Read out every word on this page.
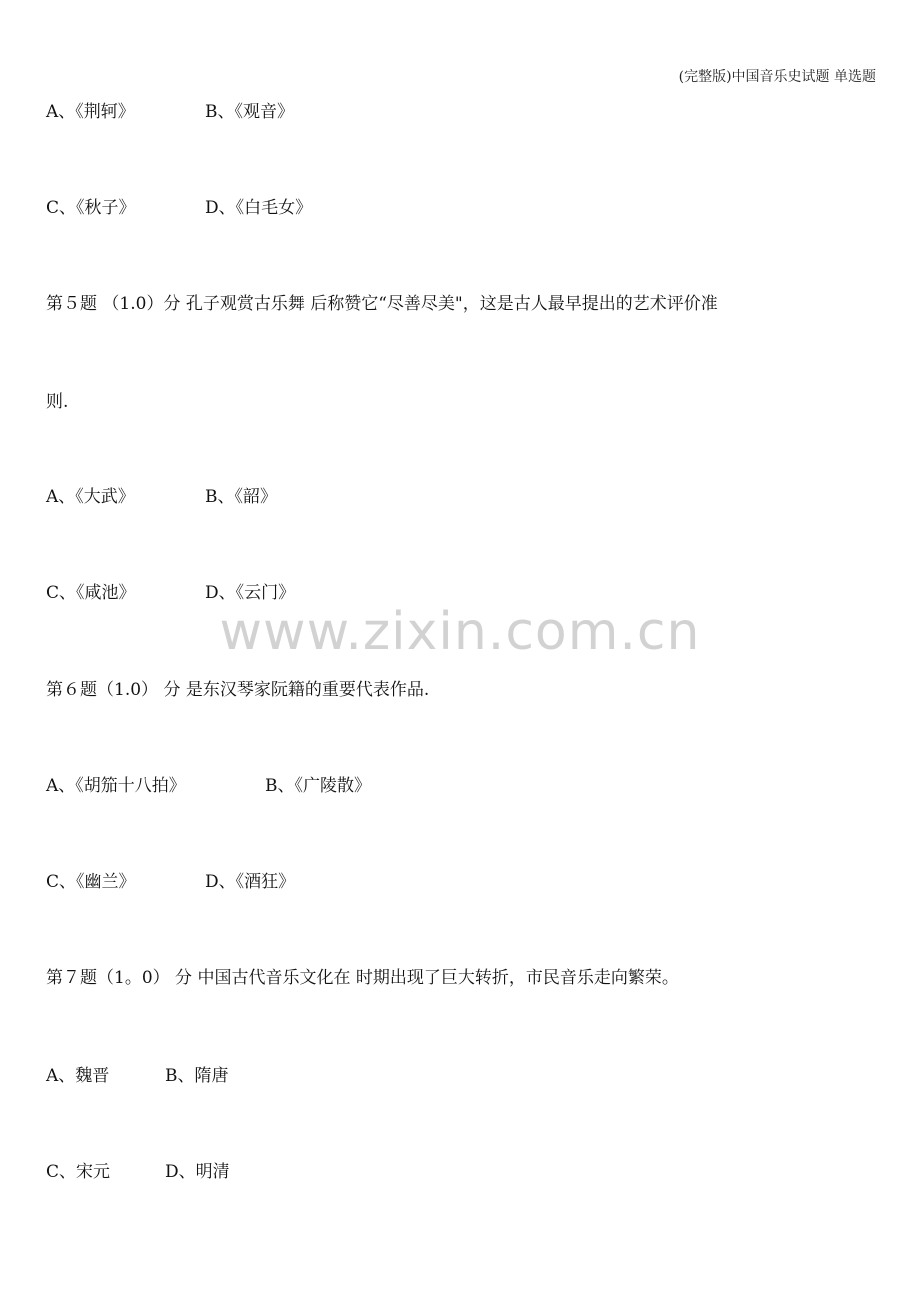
(完整版)中国音乐史试题 单选题
A、《荆轲》	B、《观音》
C、《秋子》	D、《白毛女》
第５题 （1.0）分 孔子观赏古乐舞 后称赞它“尽善尽美"，这是古人最早提出的艺术评价准
则.
A、《大武》	B、《韶》
C、《咸池》	D、《云门》
第６题（1.0） 分 是东汉琴家阮籍的重要代表作品.
A、《胡笳十八拍》	B、《广陵散》
C、《幽兰》	D、《酒狂》
第７题（1。0） 分 中国古代音乐文化在 时期出现了巨大转折，市民音乐走向繁荣。
A、魏晋	B、隋唐
C、宋元	D、明清
www.zixin.com.cn
